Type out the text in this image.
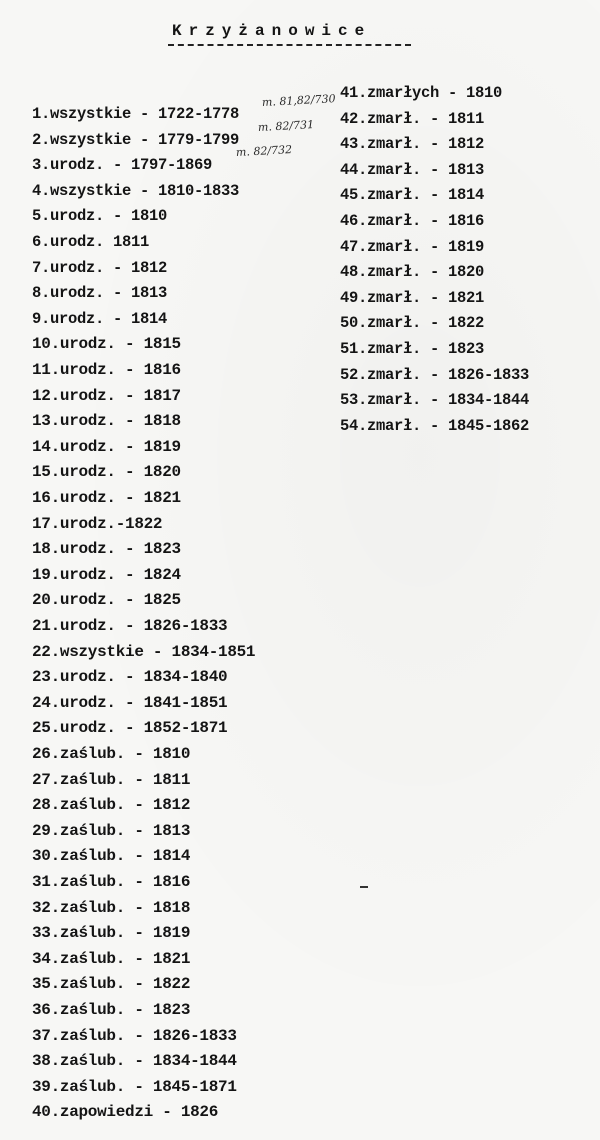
Krzyżanowice
1.wszystkie - 1722-1778
2.wszystkie - 1779-1799
3.urodz. - 1797-1869
4.wszystkie - 1810-1833
5.urodz. - 1810
6.urodz. 1811
7.urodz. - 1812
8.urodz. - 1813
9.urodz. - 1814
10.urodz. - 1815
11.urodz. - 1816
12.urodz. - 1817
13.urodz. - 1818
14.urodz. - 1819
15.urodz. - 1820
16.urodz. - 1821
17.urodz.-1822
18.urodz. - 1823
19.urodz. - 1824
20.urodz. - 1825
21.urodz. - 1826-1833
22.wszystkie - 1834-1851
23.urodz. - 1834-1840
24.urodz. - 1841-1851
25.urodz. - 1852-1871
26.zaślub. - 1810
27.zaślub. - 1811
28.zaślub. - 1812
29.zaślub. - 1813
30.zaślub. - 1814
31.zaślub. - 1816
32.zaślub. - 1818
33.zaślub. - 1819
34.zaślub. - 1821
35.zaślub. - 1822
36.zaślub. - 1823
37.zaślub. - 1826-1833
38.zaślub. - 1834-1844
39.zaślub. - 1845-1871
40.zapowiedzi - 1826
41.zmarłych - 1810
42.zmarł. - 1811
43.zmarł. - 1812
44.zmarł. - 1813
45.zmarł. - 1814
46.zmarł. - 1816
47.zmarł. - 1819
48.zmarł. - 1820
49.zmarł. - 1821
50.zmarł. - 1822
51.zmarł. - 1823
52.zmarł. - 1826-1833
53.zmarł. - 1834-1844
54.zmarł. - 1845-1862
m. 81,82/730
m. 82/731
m. 82/732
